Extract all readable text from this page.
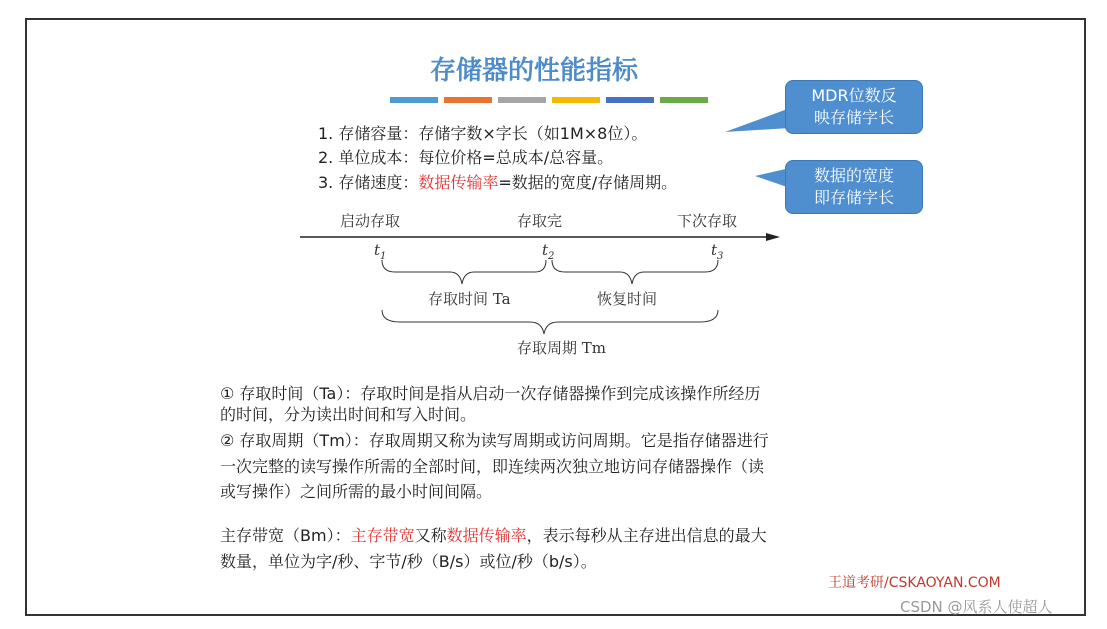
存储器的性能指标
1. 存储容量：存储字数×字长（如1M×8位）。
2. 单位成本：每位价格=总成本/总容量。
3. 存储速度：数据传输率=数据的宽度/存储周期。
MDR位数反
映存储字长
数据的宽度
即存储字长
启动存取	存取完	下次存取
$t_1$	$t_2$	$t_3$
存取时间 Ta	恢复时间
存取周期 Tm
① 存取时间（Ta）：存取时间是指从启动一次存储器操作到完成该操作所经历
的时间，分为读出时间和写入时间。
② 存取周期（Tm）：存取周期又称为读写周期或访问周期。它是指存储器进行
一次完整的读写操作所需的全部时间，即连续两次独立地访问存储器操作（读
或写操作）之间所需的最小时间间隔。
主存带宽（Bm）：主存带宽又称数据传输率，表示每秒从主存进出信息的最大
数量，单位为字/秒、字节/秒（B/s）或位/秒（b/s）。
王道考研/CSKAOYAN.COM
CSDN @风系人使超人
